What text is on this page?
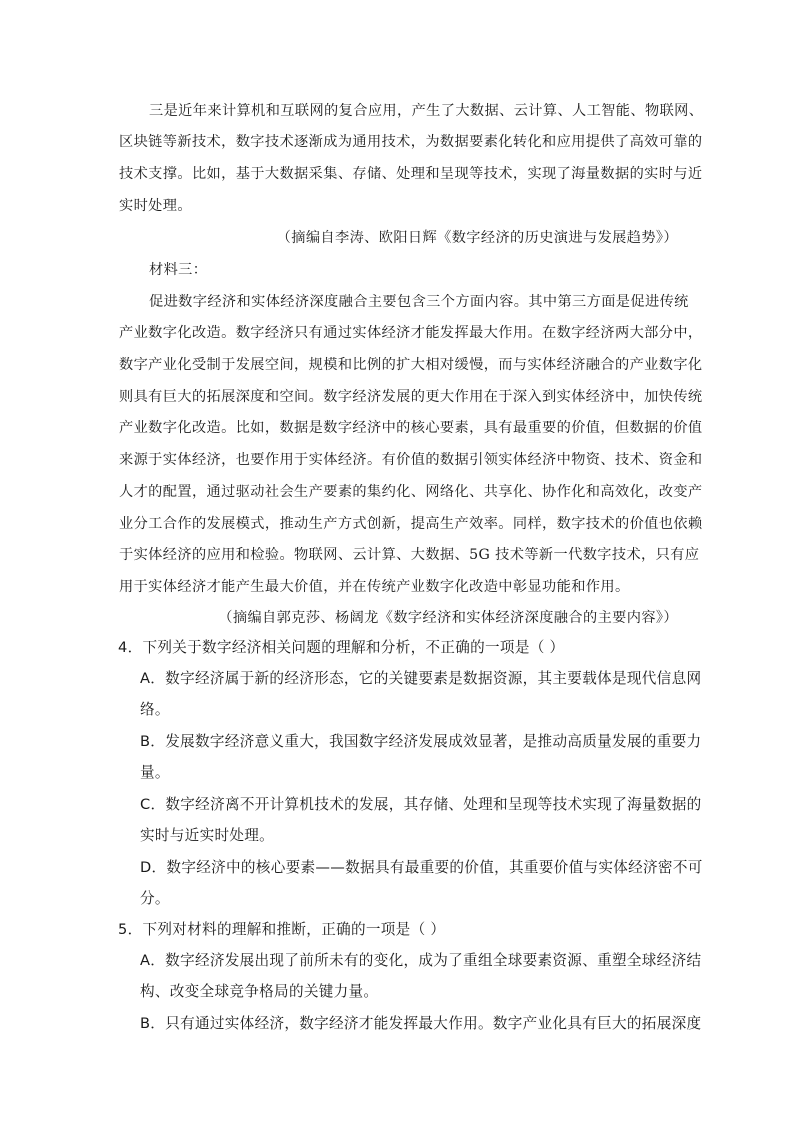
三是近年来计算机和互联网的复合应用，产生了大数据、云计算、人工智能、物联网、
区块链等新技术，数字技术逐渐成为通用技术，为数据要素化转化和应用提供了高效可靠的
技术支撑。比如，基于大数据采集、存储、处理和呈现等技术，实现了海量数据的实时与近
实时处理。
（摘编自李涛、欧阳日辉《数字经济的历史演进与发展趋势》）
材料三：
促进数字经济和实体经济深度融合主要包含三个方面内容。其中第三方面是促进传统
产业数字化改造。数字经济只有通过实体经济才能发挥最大作用。在数字经济两大部分中，
数字产业化受制于发展空间，规模和比例的扩大相对缓慢，而与实体经济融合的产业数字化
则具有巨大的拓展深度和空间。数字经济发展的更大作用在于深入到实体经济中，加快传统
产业数字化改造。比如，数据是数字经济中的核心要素，具有最重要的价值，但数据的价值
来源于实体经济，也要作用于实体经济。有价值的数据引领实体经济中物资、技术、资金和
人才的配置，通过驱动社会生产要素的集约化、网络化、共享化、协作化和高效化，改变产
业分工合作的发展模式，推动生产方式创新，提高生产效率。同样，数字技术的价值也依赖
于实体经济的应用和检验。物联网、云计算、大数据、5G 技术等新一代数字技术，只有应
用于实体经济才能产生最大价值，并在传统产业数字化改造中彰显功能和作用。
（摘编自郭克莎、杨阔龙《数字经济和实体经济深度融合的主要内容》）
4．下列关于数字经济相关问题的理解和分析，不正确的一项是（ ）
A．数字经济属于新的经济形态，它的关键要素是数据资源，其主要载体是现代信息网
络。
B．发展数字经济意义重大，我国数字经济发展成效显著，是推动高质量发展的重要力
量。
C．数字经济离不开计算机技术的发展，其存储、处理和呈现等技术实现了海量数据的
实时与近实时处理。
D．数字经济中的核心要素——数据具有最重要的价值，其重要价值与实体经济密不可
分。
5．下列对材料的理解和推断，正确的一项是（ ）
A．数字经济发展出现了前所未有的变化，成为了重组全球要素资源、重塑全球经济结
构、改变全球竞争格局的关键力量。
B．只有通过实体经济，数字经济才能发挥最大作用。数字产业化具有巨大的拓展深度
